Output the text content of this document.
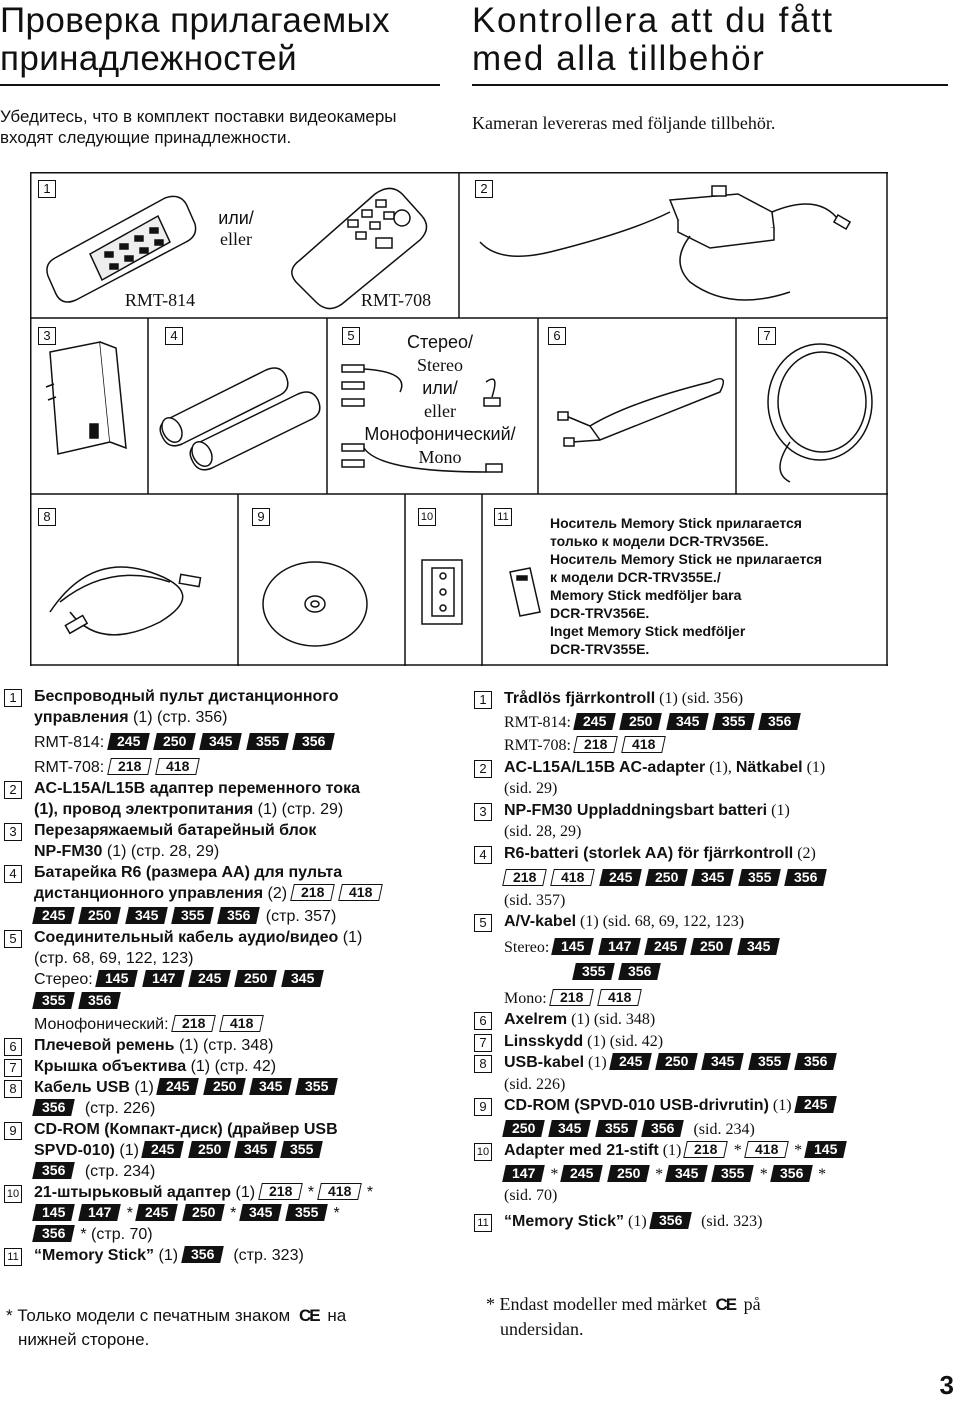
Проверка прилагаемых
принадлежностей
Убедитесь, что в комплект поставки видеокамеры
входят следующие принадлежности.
Kontrollera att du fått
med alla tillbehör
Kameran levereras med följande tillbehör.
1	2
3	4	5	6	7
8	9	10	11
или/
eller
RMT-814	RMT-708
Стерео/
Stereo
или/
eller
Монофонический/
Mono
Носитель Memory Stick прилагается
только к модели DCR-TRV356E.
Носитель Memory Stick не прилагается
к модели DCR-TRV355E./
Memory Stick medföljer bara
DCR-TRV356E.
Inget Memory Stick medföljer
DCR-TRV355E.
1	Беспроводный пульт дистанционного
управления (1) (стр. 356)
RMT-814: 245 250 345 355 356
RMT-708: 218 418
2	AC-L15A/L15B адаптер переменного тока
(1), провод электропитания (1) (стр. 29)
3	Перезаряжаемый батарейный блок
NP-FM30 (1) (стр. 28, 29)
4	Батарейка R6 (размера AA) для пульта
дистанционного управления (2) 218 418
245 250 345 355 356 (стр. 357)
5	Соединительный кабель аудио/видео (1)
(стр. 68, 69, 122, 123)
Стерео: 145 147 245 250 345
355 356
Монофонический: 218 418
6	Плечевой ремень (1) (стр. 348)
7	Крышка объектива (1) (стр. 42)
8	Кабель USB (1) 245 250 345 355
356 (стр. 226)
9	CD-ROM (Компакт-диск) (драйвер USB
SPVD-010) (1) 245 250 345 355
356 (стр. 234)
10 21-штырьковый адаптер (1) 218 * 418 *
145 147 * 245 250 * 345 355 *
356 * (стр. 70)
11 “Memory Stick” (1) 356 (стр. 323)
* Только модели с печатным знаком CE на
нижней стороне.
1	Trådlös fjärrkontroll (1) (sid. 356)
RMT-814: 245 250 345 355 356
RMT-708: 218 418
2	AC-L15A/L15B AC-adapter (1), Nätkabel (1)
(sid. 29)
3	NP-FM30 Uppladdningsbart batteri (1)
(sid. 28, 29)
4	R6-batteri (storlek AA) för fjärrkontroll (2)
218 418 245 250 345 355 356
(sid. 357)
5	A/V-kabel (1) (sid. 68, 69, 122, 123)
Stereo: 145 147 245 250 345
355 356
Mono: 218 418
6	Axelrem (1) (sid. 348)
7	Linsskydd (1) (sid. 42)
8	USB-kabel (1) 245 250 345 355 356
(sid. 226)
9	CD-ROM (SPVD-010 USB-drivrutin) (1) 245
250 345 355 356 (sid. 234)
10 Adapter med 21-stift (1) 218 * 418 * 145
147 * 245 250 * 345 355 * 356 *
(sid. 70)
11 “Memory Stick” (1) 356 (sid. 323)
* Endast modeller med märket CE på
undersidan.
3
